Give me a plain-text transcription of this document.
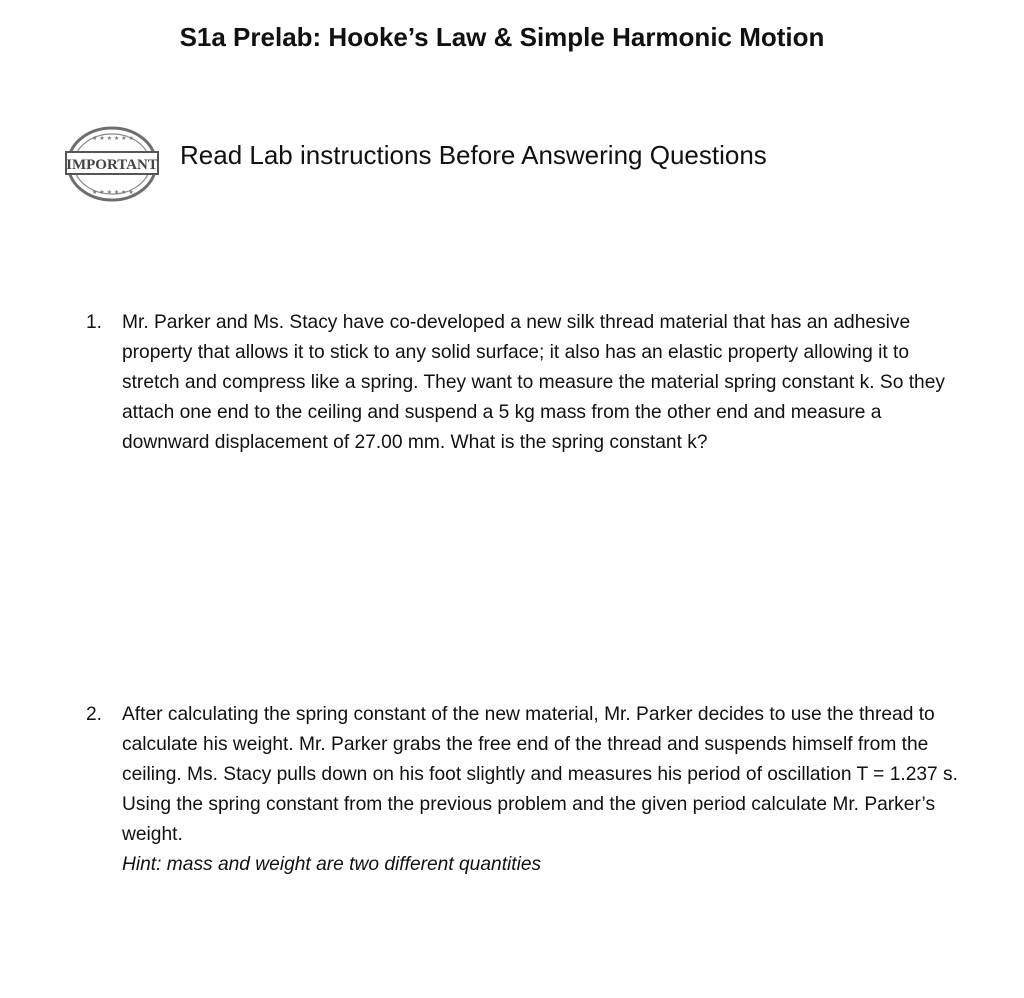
S1a Prelab: Hooke’s Law & Simple Harmonic Motion
★ ★ ★ ★ ★ ★
★ ★ ★ ★ ★ ★
IMPORTANT Read Lab instructions Before Answering Questions
1.	Mr. Parker and Ms. Stacy have co-developed a new silk thread material that has an adhesive property that allows it to stick to any solid surface; it also has an elastic property allowing it to stretch and compress like a spring. They want to measure the material spring constant k. So they attach one end to the ceiling and suspend a 5 kg mass from the other end and measure a downward displacement of 27.00 mm. What is the spring constant k?
2.	After calculating the spring constant of the new material, Mr. Parker decides to use the thread to calculate his weight. Mr. Parker grabs the free end of the thread and suspends himself from the ceiling. Ms. Stacy pulls down on his foot slightly and measures his period of oscillation T = 1.237 s. Using the spring constant from the previous problem and the given period calculate Mr. Parker’s weight.
Hint: mass and weight are two different quantities
